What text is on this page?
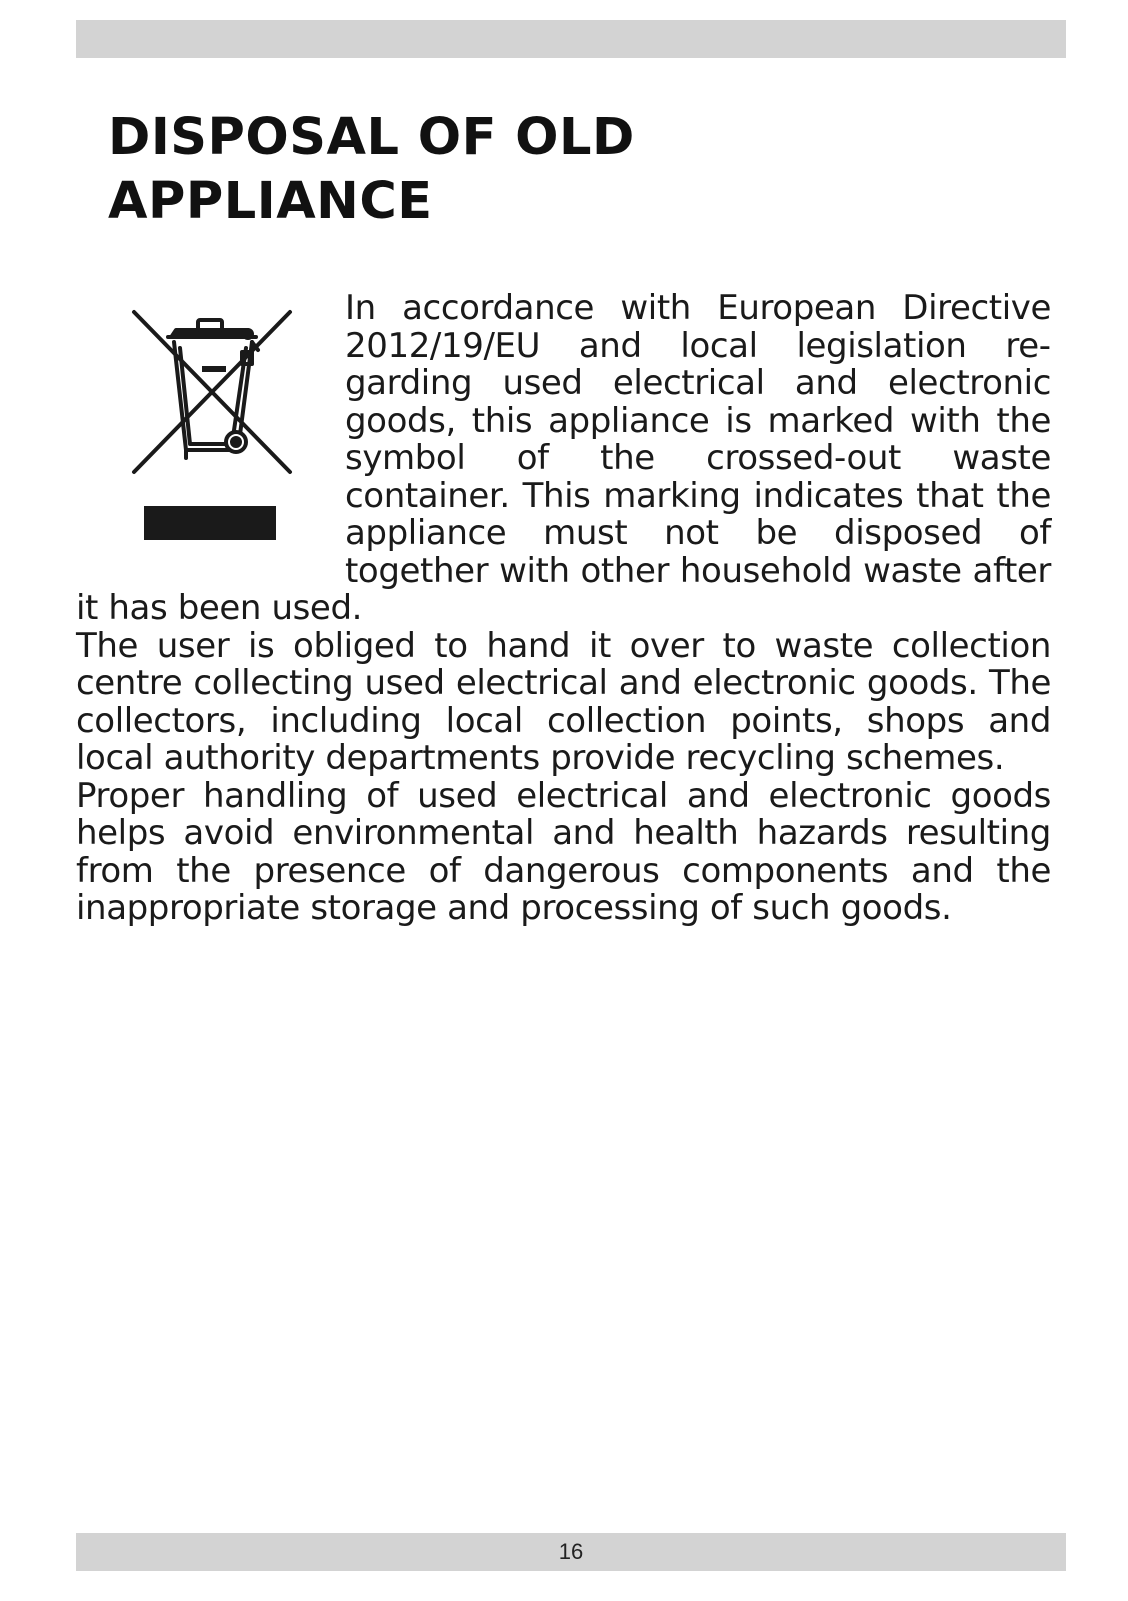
DISPOSAL OF OLD
APPLIANCE

In accordance with European Directive 2012/19/EU and local legislation regarding used electrical and electronic goods, this appliance is marked with the symbol of the crossed-out waste container. This marking indicates that the appliance must not be disposed of together with other household waste after it has been used.

The user is obliged to hand it over to waste collection centre collecting used electrical and electronic goods. The collectors, including local collection points, shops and local authority departments provide recycling schemes.

Proper handling of used electrical and electronic goods helps avoid environmental and health hazards resulting from the presence of dangerous components and the inappropriate storage and processing of such goods.

16
